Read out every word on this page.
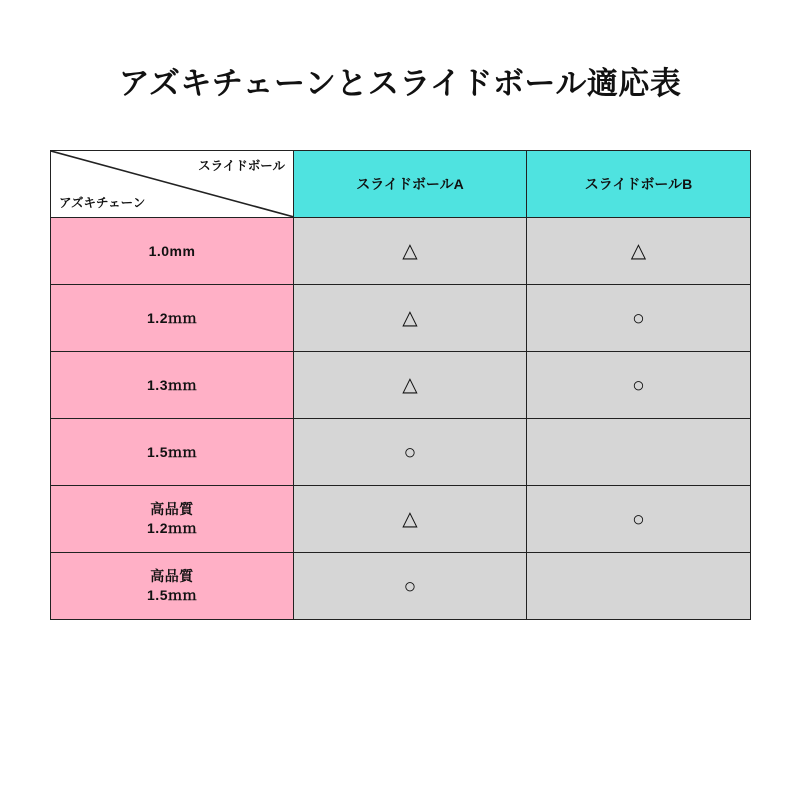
アズキチェーンとスライドボール適応表
スライドボール
アズキチェーン	スライドボールA	スライドボールB
1.0mm	△	△
1.2ｍｍ	△	○
1.3ｍｍ	△	○
1.5ｍｍ	○	

高品質
1.2ｍｍ	△	○

高品質
1.5ｍｍ	○	
